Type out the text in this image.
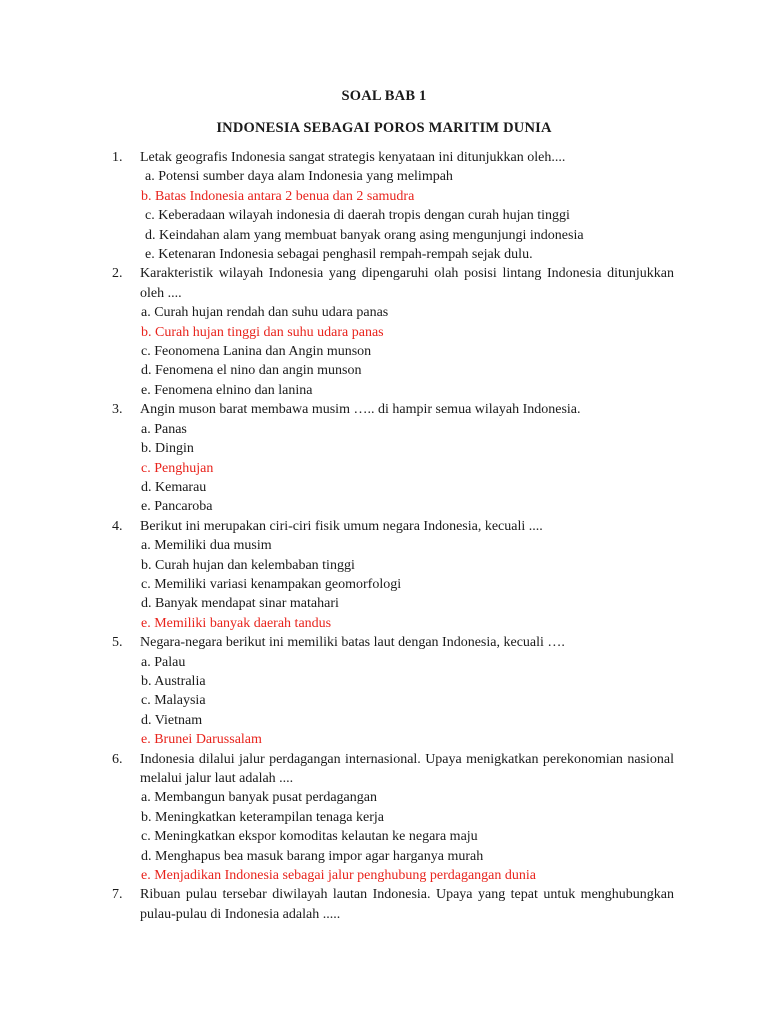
SOAL BAB 1
INDONESIA SEBAGAI POROS MARITIM DUNIA
1. Letak geografis Indonesia sangat strategis kenyataan ini ditunjukkan oleh....
a. Potensi sumber daya alam Indonesia yang melimpah
b. Batas Indonesia antara 2 benua dan 2 samudra
c. Keberadaan wilayah indonesia di daerah tropis dengan curah hujan tinggi
d. Keindahan alam yang membuat banyak orang asing mengunjungi indonesia
e. Ketenaran Indonesia sebagai penghasil rempah-rempah sejak dulu.
2. Karakteristik wilayah Indonesia yang dipengaruhi olah posisi lintang Indonesia ditunjukkan oleh ....
a. Curah hujan rendah dan suhu udara panas
b. Curah hujan tinggi dan suhu udara panas
c. Feonomena Lanina dan Angin munson
d. Fenomena el nino dan angin munson
e. Fenomena elnino dan lanina
3. Angin muson barat membawa musim ….. di hampir semua wilayah Indonesia.
a. Panas
b. Dingin
c. Penghujan
d. Kemarau
e. Pancaroba
4. Berikut ini merupakan ciri-ciri fisik umum negara Indonesia, kecuali ....
a. Memiliki dua musim
b. Curah hujan dan kelembaban tinggi
c. Memiliki variasi kenampakan geomorfologi
d. Banyak mendapat sinar matahari
e. Memiliki banyak daerah tandus
5. Negara-negara berikut ini memiliki batas laut dengan Indonesia, kecuali ….
a. Palau
b. Australia
c. Malaysia
d. Vietnam
e. Brunei Darussalam
6. Indonesia dilalui jalur perdagangan internasional. Upaya menigkatkan perekonomian nasional melalui jalur laut adalah ....
a. Membangun banyak pusat perdagangan
b. Meningkatkan keterampilan tenaga kerja
c. Meningkatkan ekspor komoditas kelautan ke negara maju
d. Menghapus bea masuk barang impor agar harganya murah
e. Menjadikan Indonesia sebagai jalur penghubung perdagangan dunia
7. Ribuan pulau tersebar diwilayah lautan Indonesia. Upaya yang tepat untuk menghubungkan pulau-pulau di Indonesia adalah .....
